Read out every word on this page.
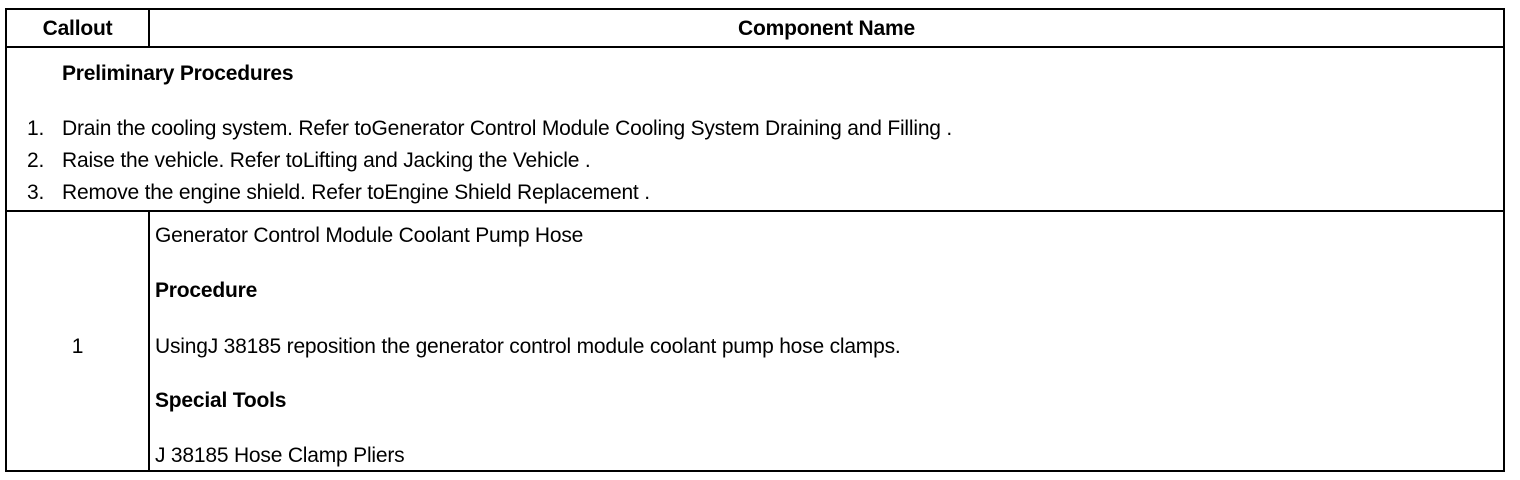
Callout	Component Name
Preliminary Procedures
1. Drain the cooling system. Refer toGenerator Control Module Cooling System Draining and Filling .
2. Raise the vehicle. Refer toLifting and Jacking the Vehicle .
3. Remove the engine shield. Refer toEngine Shield Replacement .
1
Generator Control Module Coolant Pump Hose
Procedure
UsingJ 38185 reposition the generator control module coolant pump hose clamps.
Special Tools
J 38185 Hose Clamp Pliers
